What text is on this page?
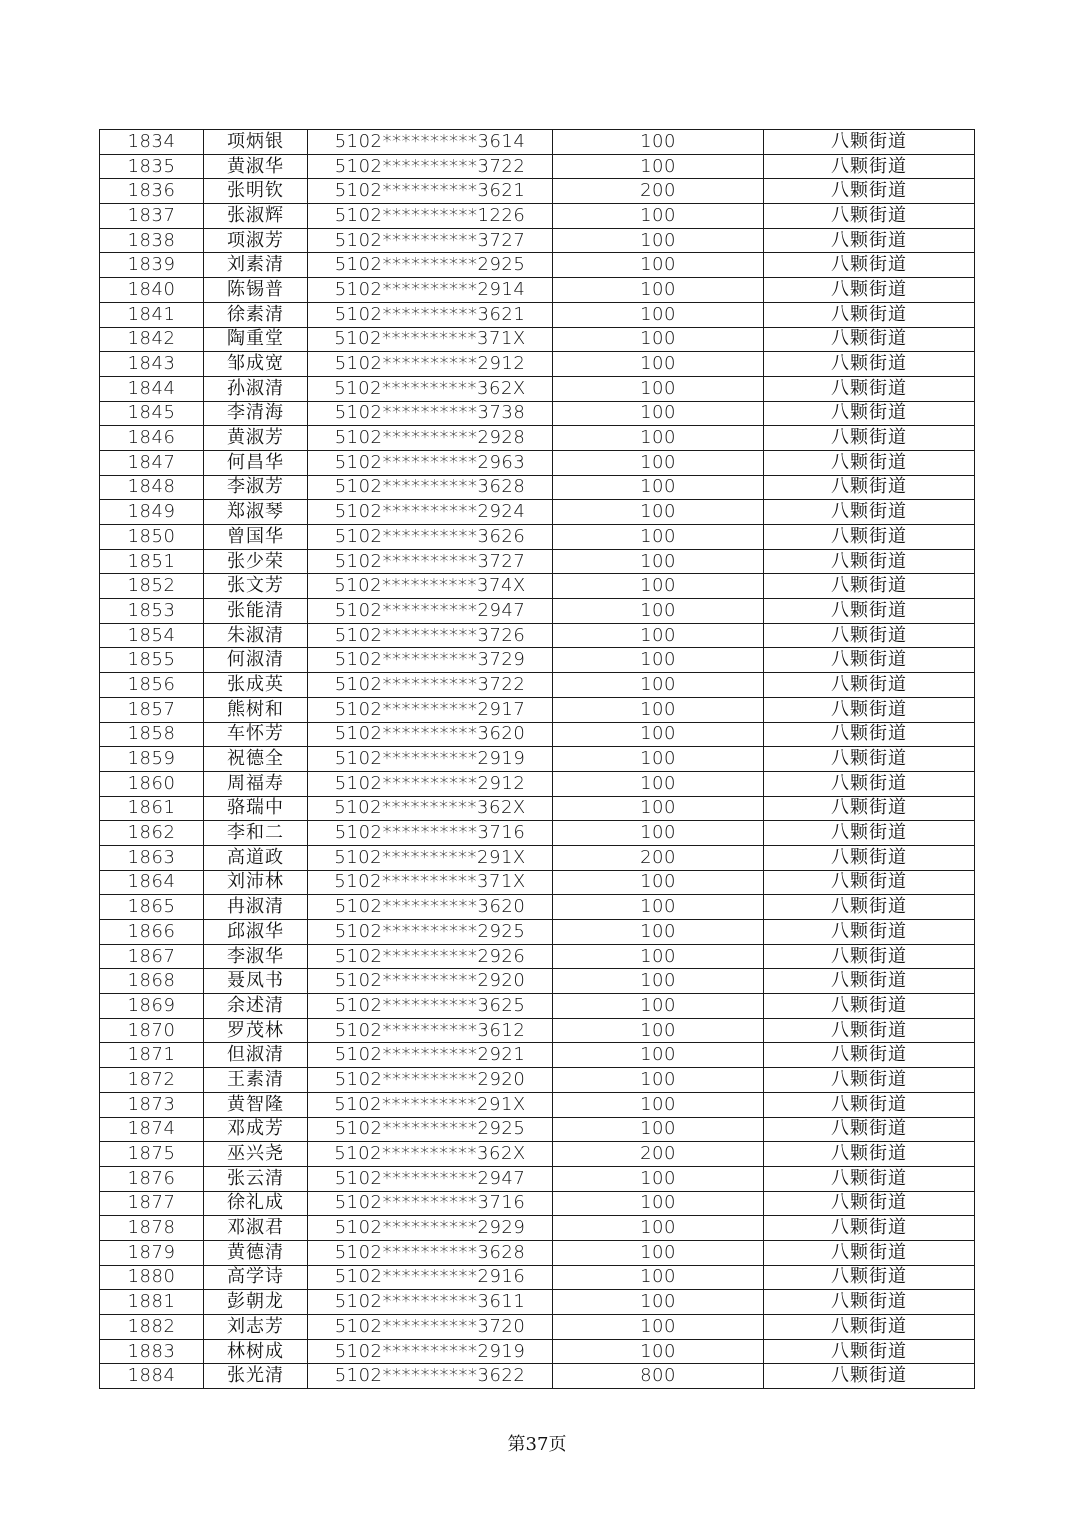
1834	项炳银	5102**********3614	100	八颗街道
1835	黄淑华	5102**********3722	100	八颗街道
1836	张明钦	5102**********3621	200	八颗街道
1837	张淑辉	5102**********1226	100	八颗街道
1838	项淑芳	5102**********3727	100	八颗街道
1839	刘素清	5102**********2925	100	八颗街道
1840	陈锡普	5102**********2914	100	八颗街道
1841	徐素清	5102**********3621	100	八颗街道
1842	陶重堂	5102**********371X	100	八颗街道
1843	邹成宽	5102**********2912	100	八颗街道
1844	孙淑清	5102**********362X	100	八颗街道
1845	李清海	5102**********3738	100	八颗街道
1846	黄淑芳	5102**********2928	100	八颗街道
1847	何昌华	5102**********2963	100	八颗街道
1848	李淑芳	5102**********3628	100	八颗街道
1849	郑淑琴	5102**********2924	100	八颗街道
1850	曾国华	5102**********3626	100	八颗街道
1851	张少荣	5102**********3727	100	八颗街道
1852	张文芳	5102**********374X	100	八颗街道
1853	张能清	5102**********2947	100	八颗街道
1854	朱淑清	5102**********3726	100	八颗街道
1855	何淑清	5102**********3729	100	八颗街道
1856	张成英	5102**********3722	100	八颗街道
1857	熊树和	5102**********2917	100	八颗街道
1858	车怀芳	5102**********3620	100	八颗街道
1859	祝德全	5102**********2919	100	八颗街道
1860	周福寿	5102**********2912	100	八颗街道
1861	骆瑞中	5102**********362X	100	八颗街道
1862	李和二	5102**********3716	100	八颗街道
1863	高道政	5102**********291X	200	八颗街道
1864	刘沛林	5102**********371X	100	八颗街道
1865	冉淑清	5102**********3620	100	八颗街道
1866	邱淑华	5102**********2925	100	八颗街道
1867	李淑华	5102**********2926	100	八颗街道
1868	聂凤书	5102**********2920	100	八颗街道
1869	余述清	5102**********3625	100	八颗街道
1870	罗茂林	5102**********3612	100	八颗街道
1871	但淑清	5102**********2921	100	八颗街道
1872	王素清	5102**********2920	100	八颗街道
1873	黄智隆	5102**********291X	100	八颗街道
1874	邓成芳	5102**********2925	100	八颗街道
1875	巫兴尧	5102**********362X	200	八颗街道
1876	张云清	5102**********2947	100	八颗街道
1877	徐礼成	5102**********3716	100	八颗街道
1878	邓淑君	5102**********2929	100	八颗街道
1879	黄德清	5102**********3628	100	八颗街道
1880	高学诗	5102**********2916	100	八颗街道
1881	彭朝龙	5102**********3611	100	八颗街道
1882	刘志芳	5102**********3720	100	八颗街道
1883	林树成	5102**********2919	100	八颗街道
1884	张光清	5102**********3622	800	八颗街道
第37页
